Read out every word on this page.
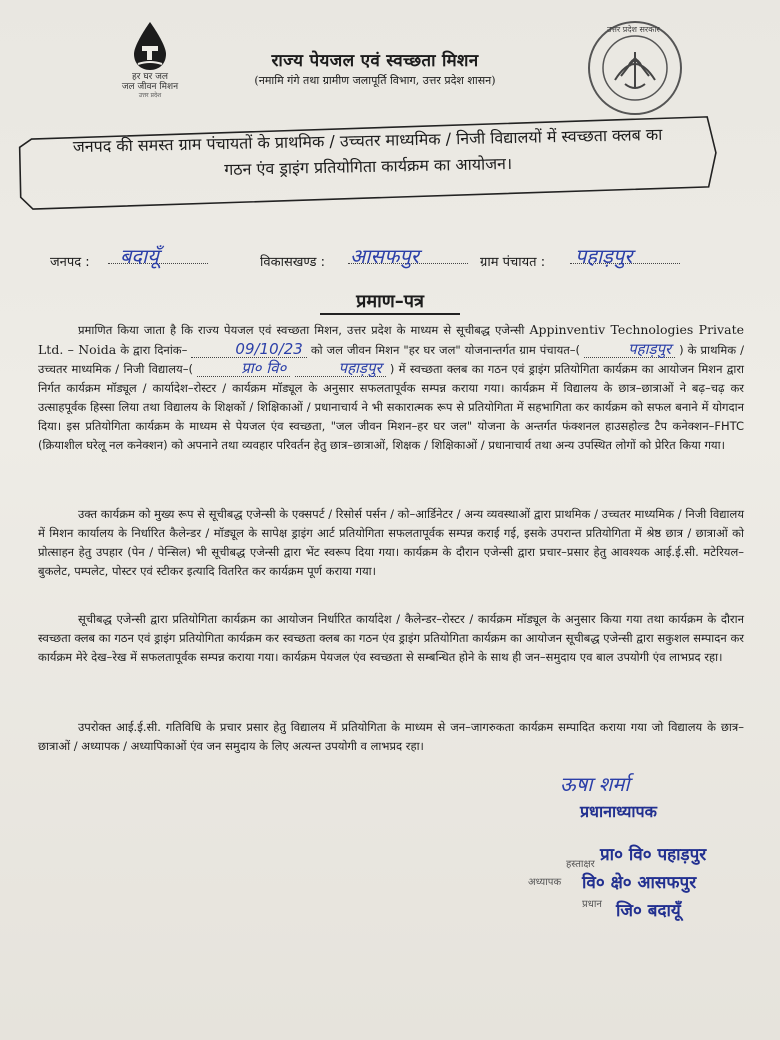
हर घर जल
जल जीवन मिशन
उत्तर प्रदेश
राज्य पेयजल एवं स्वच्छता मिशन
(नमामि गंगे तथा ग्रामीण जलापूर्ति विभाग, उत्तर प्रदेश शासन)
उत्तर प्रदेश सरकार
जनपद की समस्त ग्राम पंचायतों के प्राथमिक / उच्चतर माध्यमिक / निजी विद्यालयों में स्वच्छता क्लब का
गठन एंव ड्राइंग प्रतियोगिता कार्यक्रम का आयोजन।
जनपद : बदायूँ	विकासखण्ड : आसफपुर	ग्राम पंचायत : पहाड़पुर
प्रमाण–पत्र
प्रमाणित किया जाता है कि राज्य पेयजल एवं स्वच्छता मिशन, उत्तर प्रदेश के माध्यम से सूचीबद्ध एजेन्सी Appinventiv Technologies Private Ltd. – Noida के द्वारा दिनांक–	09/10/23 को जल जीवन मिशन "हर घर जल" योजनान्तर्गत ग्राम पंचायत–(	पहाड़पुर ) के प्राथमिक / उच्चतर माध्यमिक / निजी विद्यालय–(	प्रा० वि०	पहाड़पुर ) में स्वच्छता क्लब का गठन एवं ड्राइंग प्रतियोगिता कार्यक्रम का आयोजन मिशन द्वारा निर्गत कार्यक्रम मॉड्यूल / कार्यादेश–रोस्टर / कार्यक्रम मॉड्यूल के अनुसार सफलतापूर्वक सम्पन्न कराया गया। कार्यक्रम में विद्यालय के छात्र–छात्राओं ने बढ़–चढ़ कर उत्साहपूर्वक हिस्सा लिया तथा विद्यालय के शिक्षकों / शिक्षिकाओं / प्रधानाचार्य ने भी सकारात्मक रूप से प्रतियोगिता में सहभागिता कर कार्यक्रम को सफल बनाने में योगदान दिया। इस प्रतियोगिता कार्यक्रम के माध्यम से पेयजल एंव स्वच्छता, "जल जीवन मिशन–हर घर जल" योजना के अन्तर्गत फंक्शनल हाउसहोल्ड टैप कनेक्शन–FHTC (क्रियाशील घरेलू नल कनेक्शन) को अपनाने तथा व्यवहार परिवर्तन हेतु छात्र–छात्राओं, शिक्षक / शिक्षिकाओं / प्रधानाचार्य तथा अन्य उपस्थित लोगों को प्रेरित किया गया।
उक्त कार्यक्रम को मुख्य रूप से सूचीबद्ध एजेन्सी के एक्सपर्ट / रिसोर्स पर्सन / को–आर्डिनेटर / अन्य व्यवस्थाओं द्वारा प्राथमिक / उच्चतर माध्यमिक / निजी विद्यालय में मिशन कार्यालय के निर्धारित कैलेन्डर / मॉड्यूल के सापेक्ष ड्राइंग आर्ट प्रतियोगिता सफलतापूर्वक सम्पन्न कराई गई, इसके उपरान्त प्रतियोगिता में श्रेष्ठ छात्र / छात्राओं को प्रोत्साहन हेतु उपहार (पेन / पेन्सिल) भी सूचीबद्ध एजेन्सी द्वारा भेंट स्वरूप दिया गया। कार्यक्रम के दौरान एजेन्सी द्वारा प्रचार–प्रसार हेतु आवश्यक आई.ई.सी. मटेरियल–बुकलेट, पम्पलेट, पोस्टर एवं स्टीकर इत्यादि वितरित कर कार्यक्रम पूर्ण कराया गया।
सूचीबद्ध एजेन्सी द्वारा प्रतियोगिता कार्यक्रम का आयोजन निर्धारित कार्यादेश / कैलेन्डर–रोस्टर / कार्यक्रम मॉड्यूल के अनुसार किया गया तथा कार्यक्रम के दौरान स्वच्छता क्लब का गठन एवं ड्राइंग प्रतियोगिता कार्यक्रम कर स्वच्छता क्लब का गठन एंव ड्राइंग प्रतियोगिता कार्यक्रम का आयोजन सूचीबद्ध एजेन्सी द्वारा सकुशल सम्पादन कर कार्यक्रम मेरे देख–रेख में सफलतापूर्वक सम्पन्न कराया गया। कार्यक्रम पेयजल एंव स्वच्छता से सम्बन्धित होने के साथ ही जन–समुदाय एव बाल उपयोगी एंव लाभप्रद रहा।
उपरोक्त आई.ई.सी. गतिविधि के प्रचार प्रसार हेतु विद्यालय में प्रतियोगिता के माध्यम से जन–जागरुकता कार्यक्रम सम्पादित कराया गया जो विद्यालय के छात्र–छात्राओं / अध्यापक / अध्यापिकाओं एंव जन समुदाय के लिए अत्यन्त उपयोगी व लाभप्रद रहा।
ऊषा शर्मा
प्रधानाध्यापक
हस्ताक्षर प्रा० वि० पहाड़पुर
अध्यापक वि० क्षे० आसफपुर
प्रधान जि० बदायूँ
